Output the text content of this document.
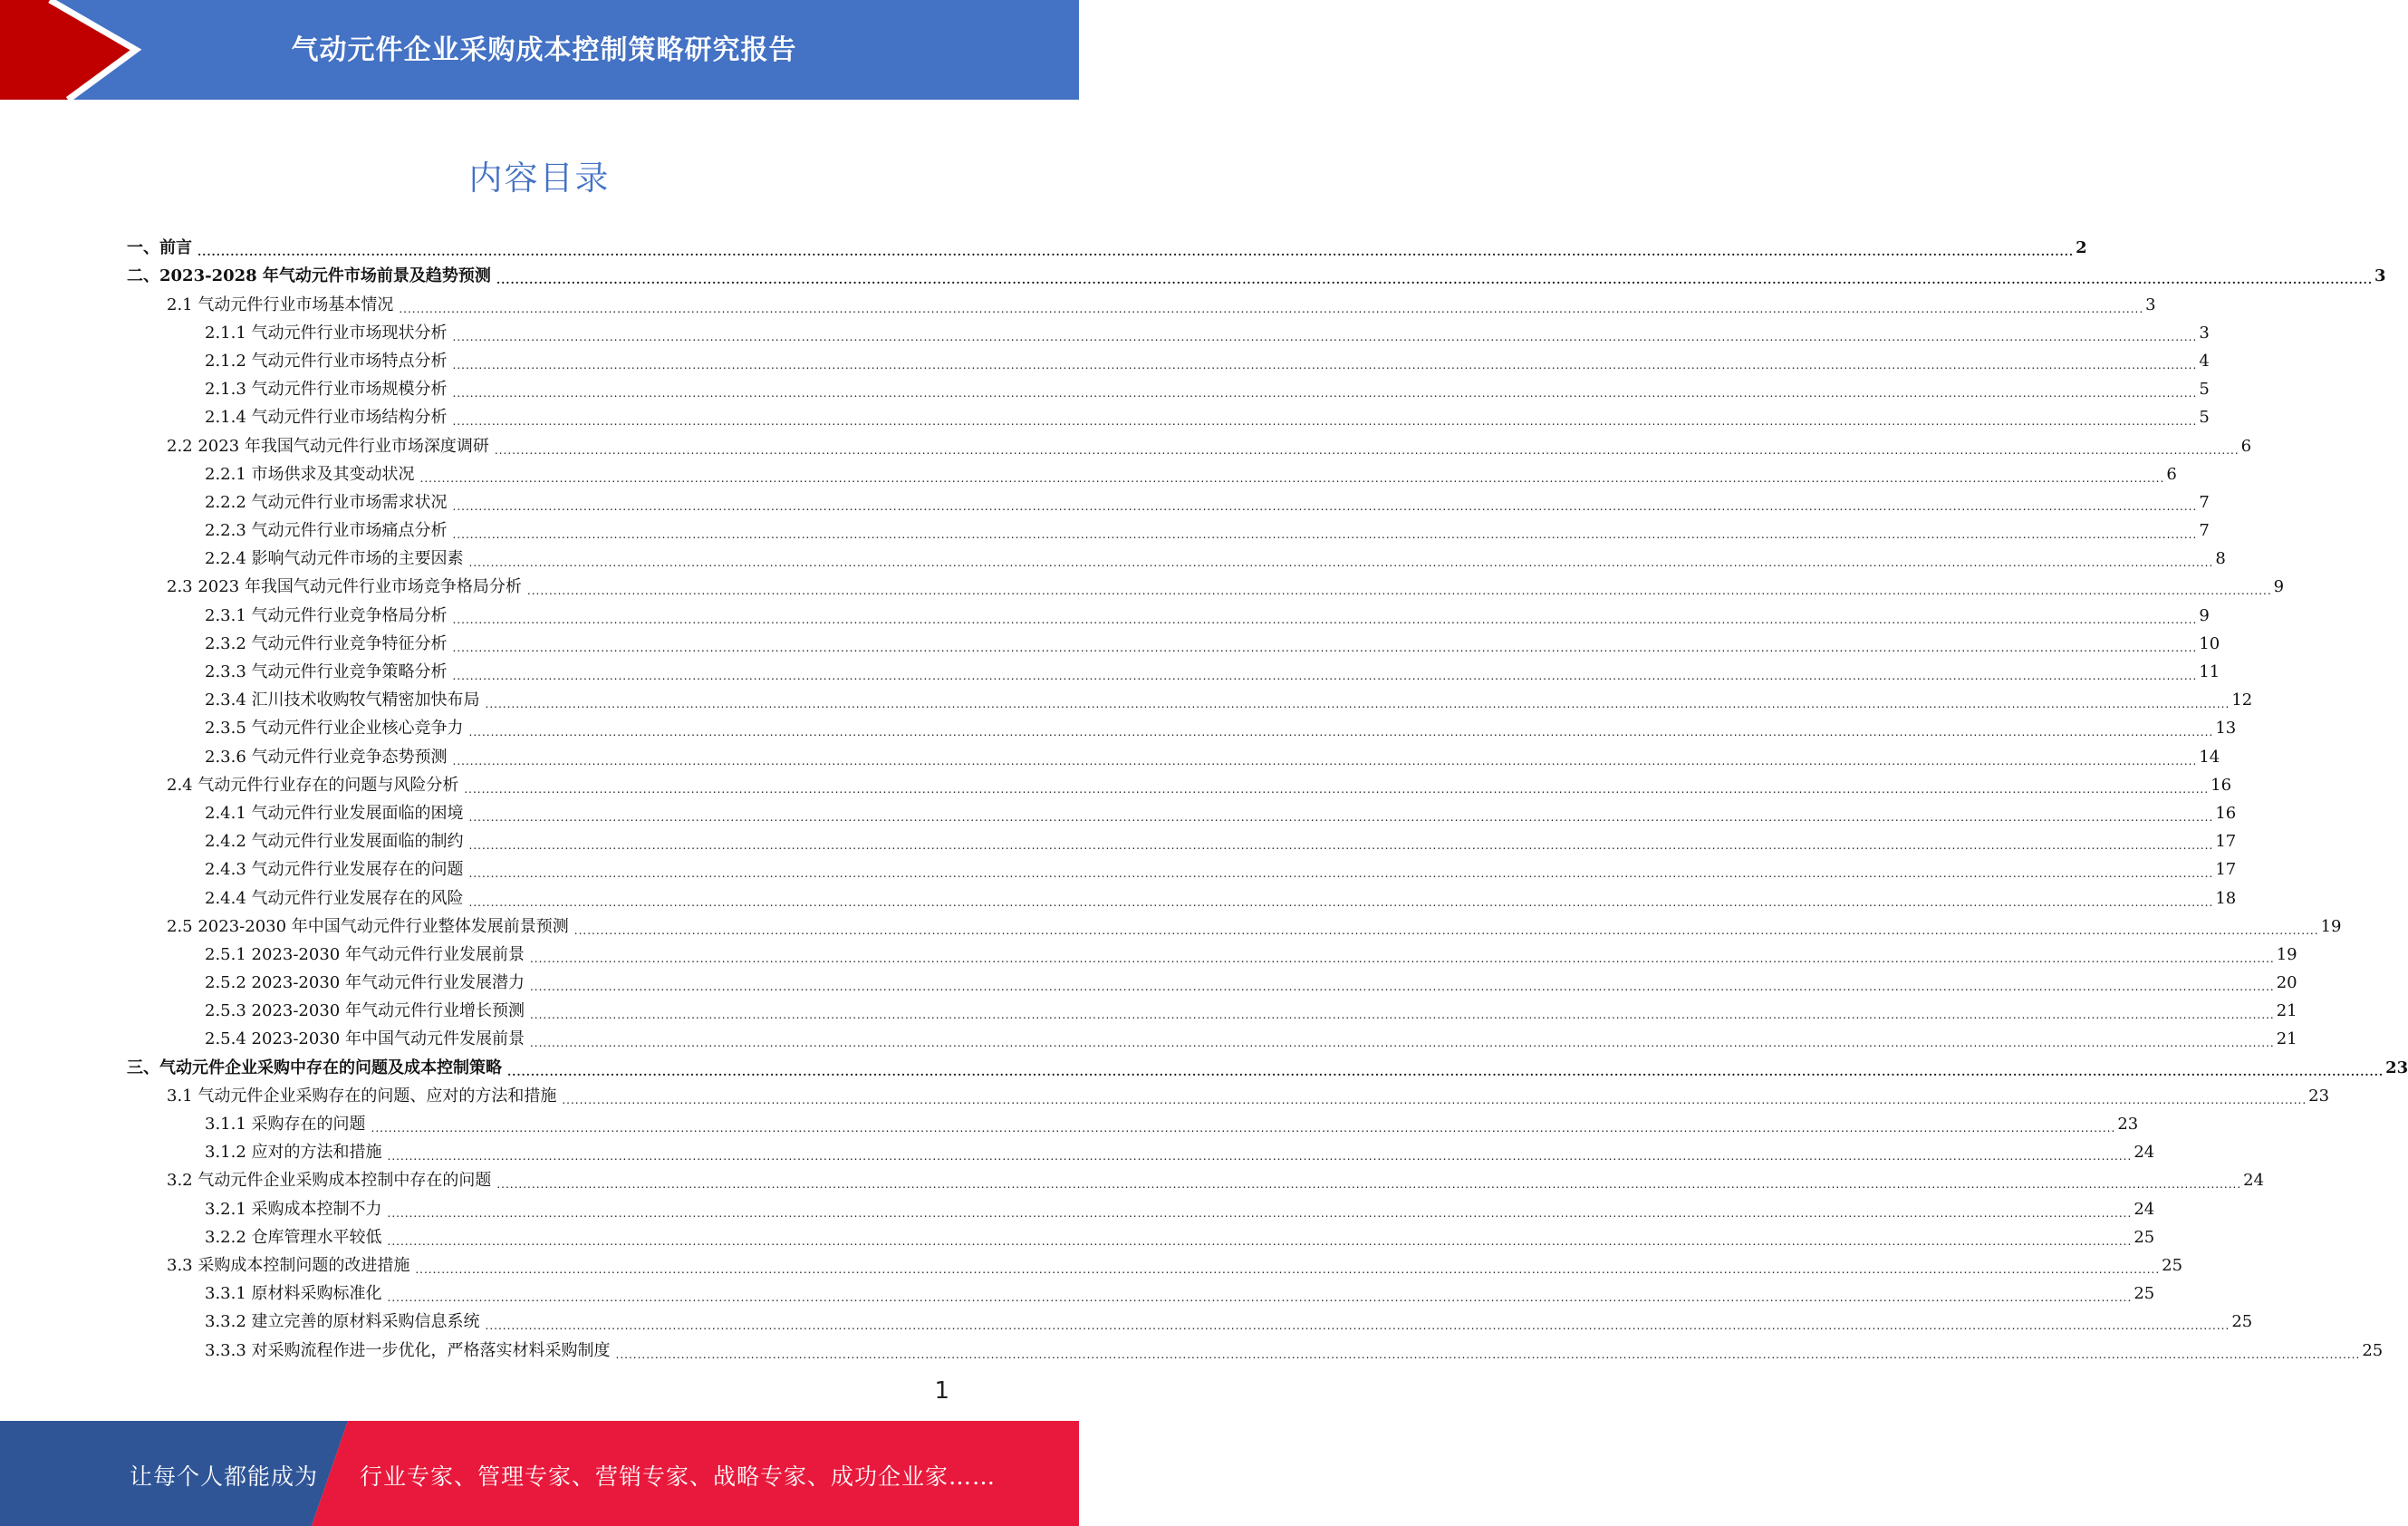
气动元件企业采购成本控制策略研究报告
内容目录
一、前言 ................................................................................................................................................................................................................................................................................................................................................................................................................ 2
二、2023-2028 年气动元件市场前景及趋势预测 ................................................................................................................................................................................................................................................................................................................................................................................................................ 3
2.1 气动元件行业市场基本情况 ................................................................................................................................................................................................................................................................................................................................................................................................................ 3
2.1.1 气动元件行业市场现状分析 ................................................................................................................................................................................................................................................................................................................................................................................................................ 3
2.1.2 气动元件行业市场特点分析 ................................................................................................................................................................................................................................................................................................................................................................................................................ 4
2.1.3 气动元件行业市场规模分析 ................................................................................................................................................................................................................................................................................................................................................................................................................ 5
2.1.4 气动元件行业市场结构分析 ................................................................................................................................................................................................................................................................................................................................................................................................................ 5
2.2 2023 年我国气动元件行业市场深度调研 ................................................................................................................................................................................................................................................................................................................................................................................................................ 6
2.2.1 市场供求及其变动状况 ................................................................................................................................................................................................................................................................................................................................................................................................................ 6
2.2.2 气动元件行业市场需求状况 ................................................................................................................................................................................................................................................................................................................................................................................................................ 7
2.2.3 气动元件行业市场痛点分析 ................................................................................................................................................................................................................................................................................................................................................................................................................ 7
2.2.4 影响气动元件市场的主要因素 ................................................................................................................................................................................................................................................................................................................................................................................................................ 8
2.3 2023 年我国气动元件行业市场竞争格局分析 ................................................................................................................................................................................................................................................................................................................................................................................................................ 9
2.3.1 气动元件行业竞争格局分析 ................................................................................................................................................................................................................................................................................................................................................................................................................ 9
2.3.2 气动元件行业竞争特征分析 ................................................................................................................................................................................................................................................................................................................................................................................................................ 10
2.3.3 气动元件行业竞争策略分析 ................................................................................................................................................................................................................................................................................................................................................................................................................ 11
2.3.4 汇川技术收购牧气精密加快布局 ................................................................................................................................................................................................................................................................................................................................................................................................................ 12
2.3.5 气动元件行业企业核心竞争力 ................................................................................................................................................................................................................................................................................................................................................................................................................ 13
2.3.6 气动元件行业竞争态势预测 ................................................................................................................................................................................................................................................................................................................................................................................................................ 14
2.4 气动元件行业存在的问题与风险分析 ................................................................................................................................................................................................................................................................................................................................................................................................................ 16
2.4.1 气动元件行业发展面临的困境 ................................................................................................................................................................................................................................................................................................................................................................................................................ 16
2.4.2 气动元件行业发展面临的制约 ................................................................................................................................................................................................................................................................................................................................................................................................................ 17
2.4.3 气动元件行业发展存在的问题 ................................................................................................................................................................................................................................................................................................................................................................................................................ 17
2.4.4 气动元件行业发展存在的风险 ................................................................................................................................................................................................................................................................................................................................................................................................................ 18
2.5 2023-2030 年中国气动元件行业整体发展前景预测 ................................................................................................................................................................................................................................................................................................................................................................................................................ 19
2.5.1 2023-2030 年气动元件行业发展前景 ................................................................................................................................................................................................................................................................................................................................................................................................................ 19
2.5.2 2023-2030 年气动元件行业发展潜力 ................................................................................................................................................................................................................................................................................................................................................................................................................ 20
2.5.3 2023-2030 年气动元件行业增长预测 ................................................................................................................................................................................................................................................................................................................................................................................................................ 21
2.5.4 2023-2030 年中国气动元件发展前景 ................................................................................................................................................................................................................................................................................................................................................................................................................ 21
三、气动元件企业采购中存在的问题及成本控制策略 ................................................................................................................................................................................................................................................................................................................................................................................................................ 23
3.1 气动元件企业采购存在的问题、应对的方法和措施 ................................................................................................................................................................................................................................................................................................................................................................................................................ 23
3.1.1 采购存在的问题 ................................................................................................................................................................................................................................................................................................................................................................................................................ 23
3.1.2 应对的方法和措施 ................................................................................................................................................................................................................................................................................................................................................................................................................ 24
3.2 气动元件企业采购成本控制中存在的问题 ................................................................................................................................................................................................................................................................................................................................................................................................................ 24
3.2.1 采购成本控制不力 ................................................................................................................................................................................................................................................................................................................................................................................................................ 24
3.2.2 仓库管理水平较低 ................................................................................................................................................................................................................................................................................................................................................................................................................ 25
3.3 采购成本控制问题的改进措施 ................................................................................................................................................................................................................................................................................................................................................................................................................ 25
3.3.1 原材料采购标准化 ................................................................................................................................................................................................................................................................................................................................................................................................................ 25
3.3.2 建立完善的原材料采购信息系统 ................................................................................................................................................................................................................................................................................................................................................................................................................ 25
3.3.3 对采购流程作进一步优化，严格落实材料采购制度 ................................................................................................................................................................................................................................................................................................................................................................................................................ 25
1
让每个人都能成为 行业专家、管理专家、营销专家、战略专家、成功企业家……
